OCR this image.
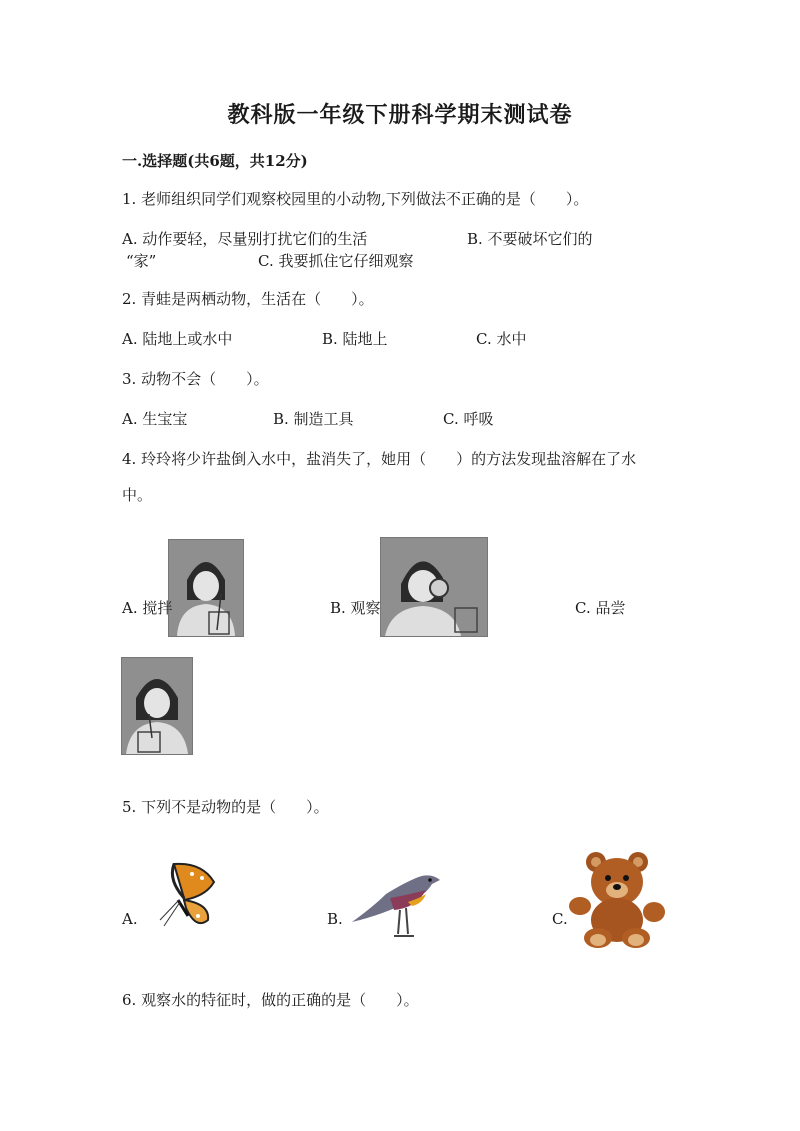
教科版一年级下册科学期末测试卷
一.选择题(共6题，共12分)
1. 老师组织同学们观察校园里的小动物,下列做法不正确的是（　　）。
A. 动作要轻，尽量别打扰它们的生活	B. 不要破坏它们的
“家”	C. 我要抓住它仔细观察
2. 青蛙是两栖动物，生活在（　　）。
A. 陆地上或水中	B. 陆地上	C. 水中
3. 动物不会（　　）。
A. 生宝宝	B. 制造工具	C. 呼吸
4. 玲玲将少许盐倒入水中，盐消失了，她用（　　）的方法发现盐溶解在了水
中。
A. 搅拌	B. 观察	C. 品尝
5. 下列不是动物的是（　　）。
A.	B.	C.
6. 观察水的特征时，做的正确的是（　　）。
